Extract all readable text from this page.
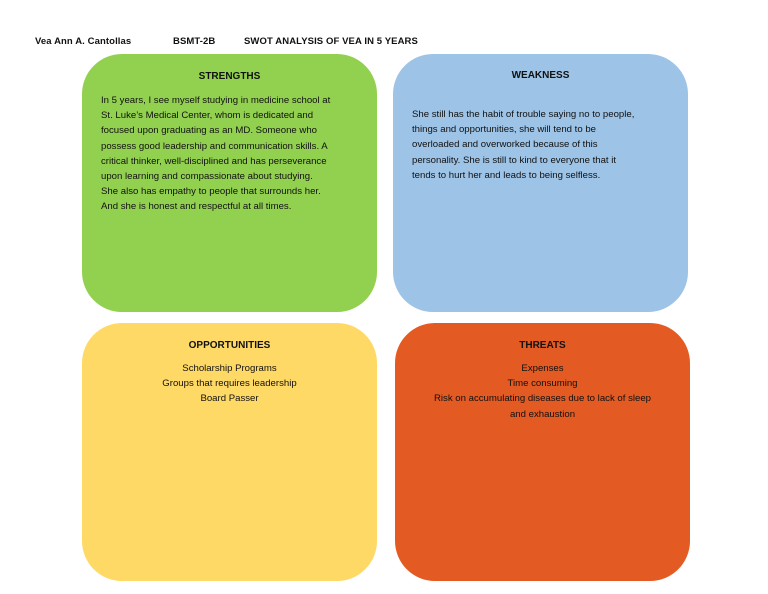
Vea Ann A. Cantollas	BSMT-2B	SWOT ANALYSIS OF VEA IN 5 YEARS
STRENGTHS
In 5 years, I see myself studying in medicine school at
St. Luke’s Medical Center, whom is dedicated and
focused upon graduating as an MD. Someone who
possess good leadership and communication skills. A
critical thinker, well-disciplined and has perseverance
upon learning and compassionate about studying.
She also has empathy to people that surrounds her.
And she is honest and respectful at all times.
WEAKNESS
She still has the habit of trouble saying no to people,
things and opportunities, she will tend to be
overloaded and overworked because of this
personality. She is still to kind to everyone that it
tends to hurt her and leads to being selfless.
OPPORTUNITIES
Scholarship Programs
Groups that requires leadership
Board Passer
THREATS
Expenses
Time consuming
Risk on accumulating diseases due to lack of sleep
and exhaustion
